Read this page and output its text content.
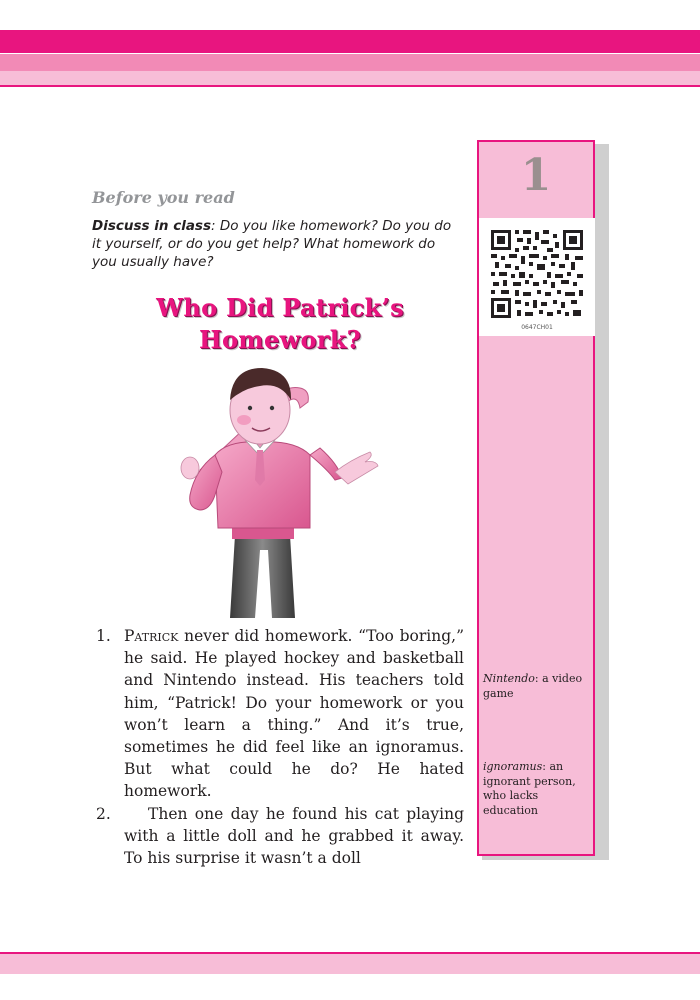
1
0647CH01
Before you read
Discuss in class: Do you like homework? Do you do it yourself, or do you get help? What homework do you usually have?
Who Did Patrick’s
Homework?
1. Patrick never did homework. “Too boring,” he said. He played hockey and basketball and Nintendo instead. His teachers told him, “Patrick! Do your homework or you won’t learn a thing.” And it’s true, sometimes he did feel like an ignoramus. But what could he do? He hated homework.
2. Then one day he found his cat playing with a little doll and he grabbed it away. To his surprise it wasn’t a doll
Nintendo: a video game
ignoramus: an ignorant person, who lacks education
